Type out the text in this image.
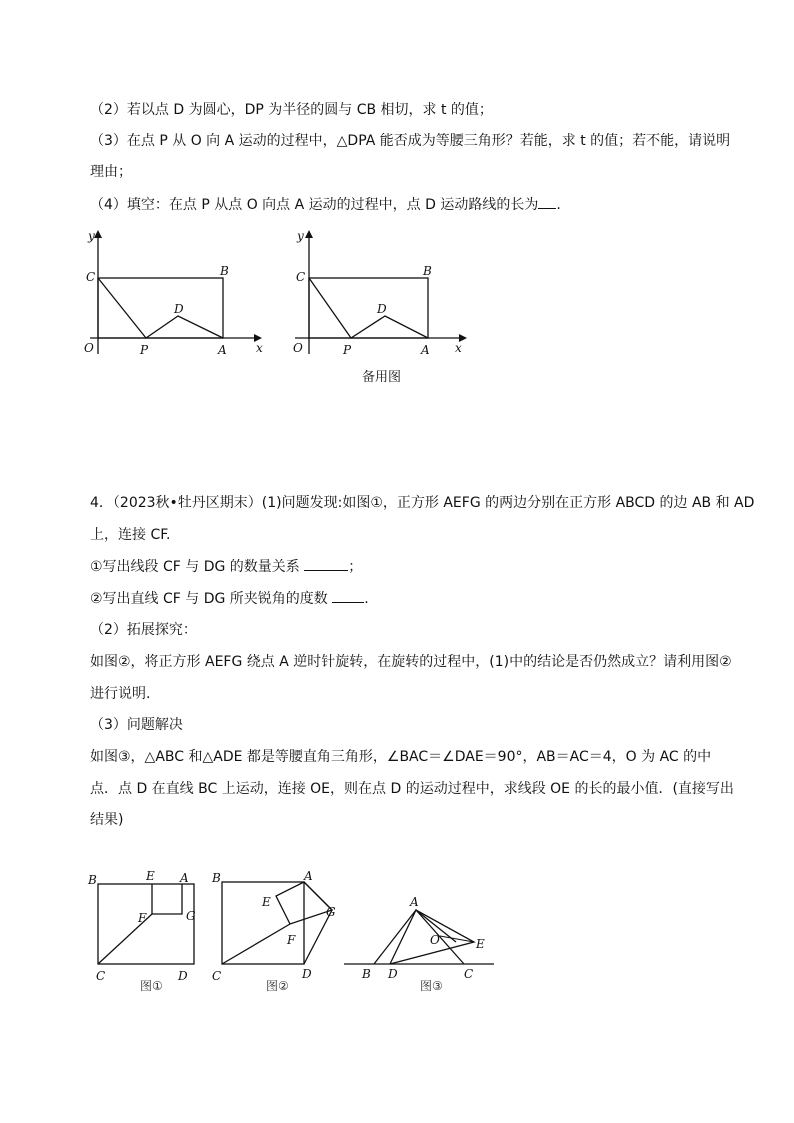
（2）若以点 D 为圆心，DP 为半径的圆与 CB 相切，求 t 的值；
（3）在点 P 从 O 向 A 运动的过程中，△DPA 能否成为等腰三角形？若能，求 t 的值；若不能，请说明
理由；
（4）填空：在点 P 从点 O 向点 A 运动的过程中，点 D 运动路线的长为 .
y
x
O
C	B
D
P	A
y
x
O
C	B
D
P	A
备用图
4．（2023秋•牡丹区期末）(1)问题发现:如图①，正方形 AEFG 的两边分别在正方形 ABCD 的边 AB 和 AD
上，连接 CF.
①写出线段 CF 与 DG 的数量关系	；
②写出直线 CF 与 DG 所夹锐角的度数	.
（2）拓展探究：
如图②，将正方形 AEFG 绕点 A 逆时针旋转，在旋转的过程中，(1)中的结论是否仍然成立？请利用图②
进行说明.
（3）问题解决
如图③，△ABC 和△ADE 都是等腰直角三角形，∠BAC＝∠DAE＝90°，AB＝AC＝4，O 为 AC 的中
点．点 D 在直线 BC 上运动，连接 OE，则在点 D 的运动过程中，求线段 OE 的长的最小值．(直接写出
结果)
B	E A
F	G
C	D
图①
B	A
E
G
F
C	D
图②
A
O	E
B D	C
图③
